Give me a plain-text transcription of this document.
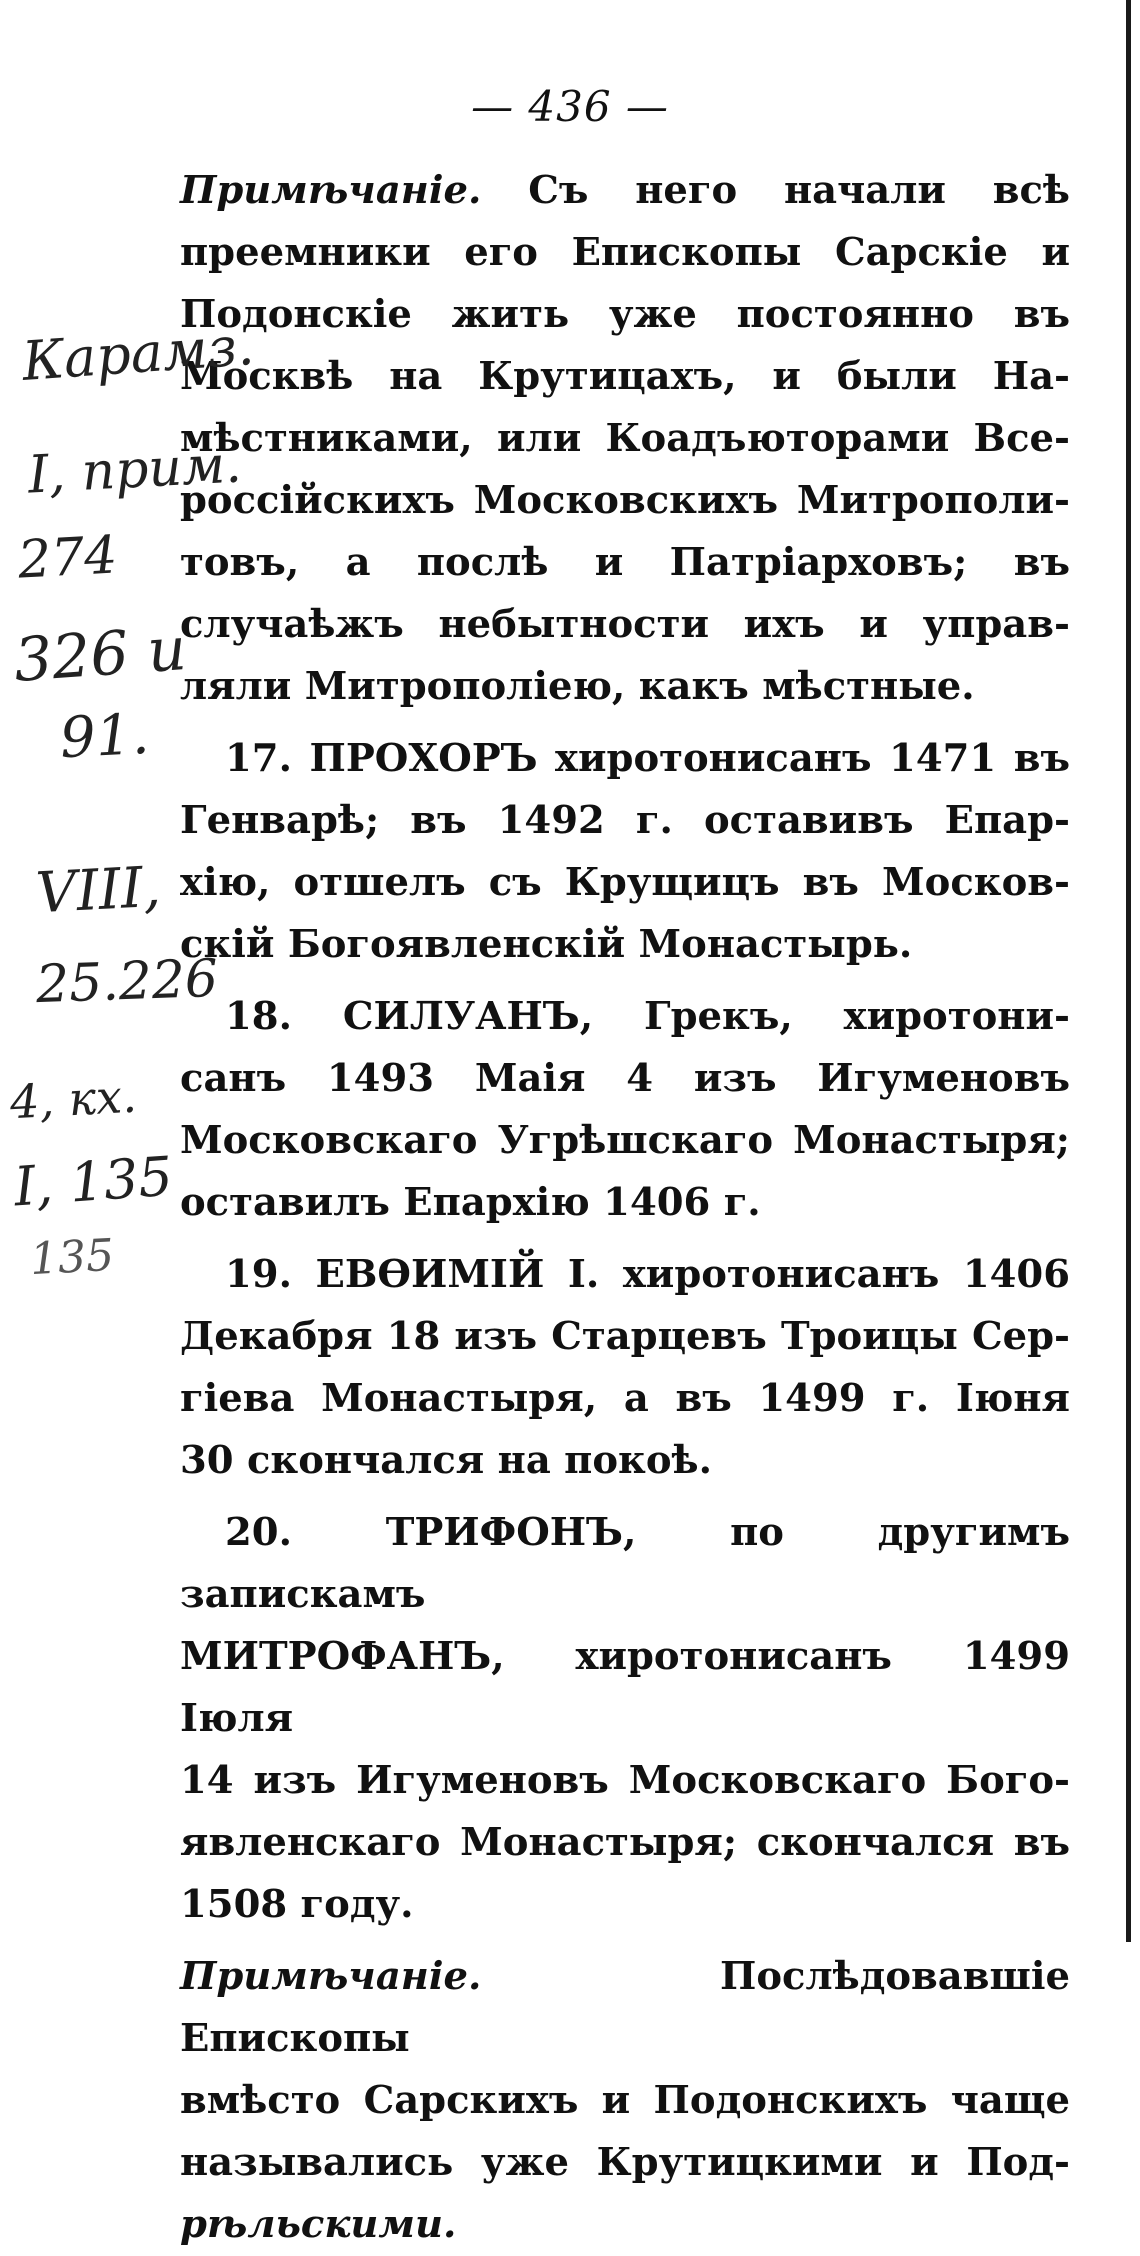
— 436 —

Примѣчаніе. Съ него начали всѣ
преемники его Епископы Сарскіе и
Подонскіе жить уже постоянно въ
Москвѣ на Крутицахъ, и были На-
мѣстниками, или Коадъюторами Все-
россійскихъ Московскихъ Митрополи-
товъ, а послѣ и Патріарховъ; въ
случаѣжъ небытности ихъ и управ-
ляли Митрополіею, какъ мѣстные.

17. ПРОХОРЪ хиротонисанъ 1471 въ
Генварѣ; въ 1492 г. оставивъ Епар-
хію, отшелъ съ Крущицъ въ Москов-
скій Богоявленскій Монастырь.

18. СИЛУАНЪ, Грекъ, хиротони-
санъ 1493 Маія 4 изъ Игуменовъ
Московскаго Угрѣшскаго Монастыря;
оставилъ Епархію 1406 г.

19. ЕВѲИМІЙ I. хиротонисанъ 1406
Декабря 18 изъ Старцевъ Троицы Сер-
гіева Монастыря, а въ 1499 г. Іюня
30 скончался на покоѣ.

20. ТРИФОНЪ, по другимъ запискамъ
МИТРОФАНЪ, хиротонисанъ 1499 Іюля
14 изъ Игуменовъ Московскаго Бого-
явленскаго Монастыря; скончался въ
1508 году.

Примѣчаніе.	Послѣдовавшіе Епископы
вмѣсто Сарскихъ и Подонскихъ чаще
назывались уже Крутицкими и Под-
рѣльскими.

Карамз.
I, прим.
274
326 и
91.
VIII,
25.226
4, кх.
I, 135
135
